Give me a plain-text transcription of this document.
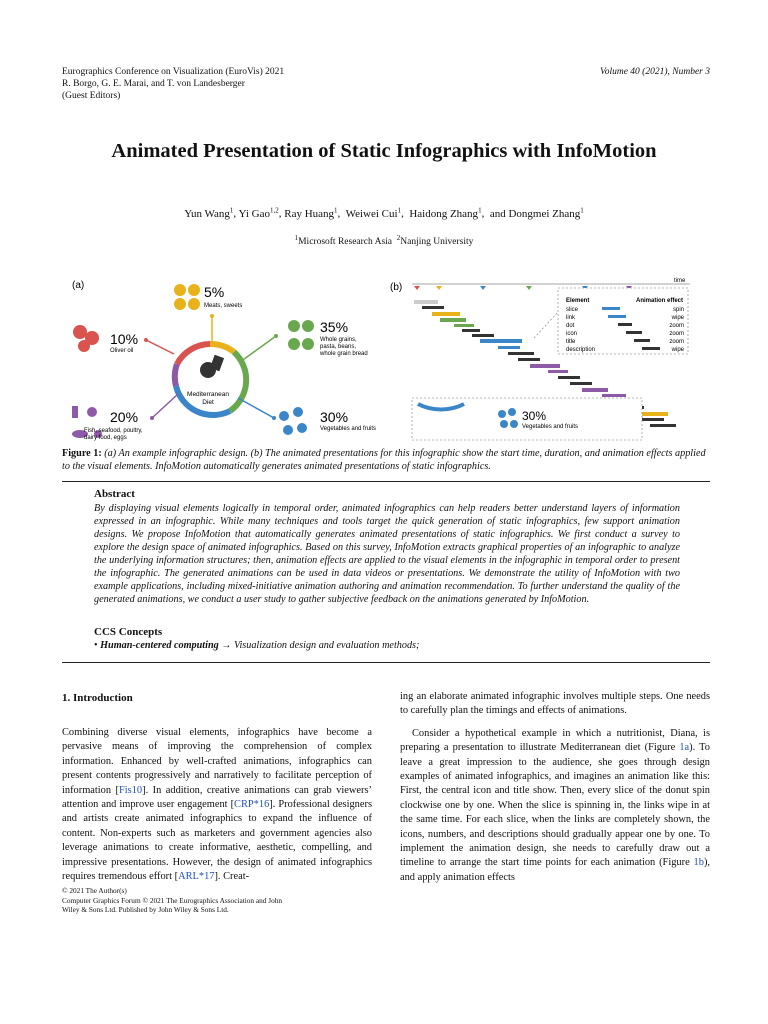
Eurographics Conference on Visualization (EuroVis) 2021
R. Borgo, G. E. Marai, and T. von Landesberger
(Guest Editors)
Volume 40 (2021), Number 3
Animated Presentation of Static Infographics with InfoMotion
Yun Wang$^1$, Yi Gao$^{1,2}$, Ray Huang$^1$,  Weiwei Cui$^1$,  Haidong Zhang$^1$,  and Dongmei Zhang$^1$
$^1$Microsoft Research Asia $^2$Nanjing University
(a)
Mediterranean
Diet
5%
Meats, sweets
10%
Oliver oil
35%
Whole grains,
pasta, beans,
whole grain bread
20%
Fish, seafood, poultry,
dairy food, eggs
30%
Vegetables and fruits
(b)
time
Element	Animation effect
slice	spin
link	wipe
dot	zoom
icon	zoom
title	zoom
description	wipe
30%
Vegetables and fruits
Figure 1: (a) An example infographic design. (b) The animated presentations for this infographic show the start time, duration, and animation effects applied to the visual elements. InfoMotion automatically generates animated presentations of static infographics.
Abstract
By displaying visual elements logically in temporal order, animated infographics can help readers better understand layers of information expressed in an infographic. While many techniques and tools target the quick generation of static infographics, few support animation designs. We propose InfoMotion that automatically generates animated presentations of static infographics. We first conduct a survey to explore the design space of animated infographics. Based on this survey, InfoMotion extracts graphical properties of an infographic to analyze the underlying information structures; then, animation effects are applied to the visual elements in the infographic in temporal order to present the infographic. The generated animations can be used in data videos or presentations. We demonstrate the utility of InfoMotion with two example applications, including mixed-initiative animation authoring and animation recommendation. To further understand the quality of the generated animations, we conduct a user study to gather subjective feedback on the animations generated by InfoMotion.
CCS Concepts
• Human-centered computing → Visualization design and evaluation methods;
1. Introduction

Combining diverse visual elements, infographics have become a pervasive means of improving the comprehension of complex information. Enhanced by well-crafted animations, infographics can present contents progressively and narratively to facilitate perception of information [Fis10]. In addition, creative animations can grab viewers’ attention and improve user engagement [CRP*16]. Professional designers and artists create animated infographics to expand the influence of content. Non-experts such as marketers and government agencies also leverage animations to create informative, aesthetic, compelling, and impressive presentations. However, the design of animated infographics requires tremendous effort [ARL*17]. Creat-

© 2021 The Author(s)
Computer Graphics Forum © 2021 The Eurographics Association and John
Wiley & Sons Ltd. Published by John Wiley & Sons Ltd.

ing an elaborate animated infographic involves multiple steps. One needs to carefully plan the timings and effects of animations.

Consider a hypothetical example in which a nutritionist, Diana, is preparing a presentation to illustrate Mediterranean diet (Figure 1a). To leave a great impression to the audience, she goes through design examples of animated infographics, and imagines an animation like this: First, the central icon and title show. Then, every slice of the donut spin clockwise one by one. When the slice is spinning in, the links wipe in at the same time. For each slice, when the links are completely shown, the icons, numbers, and descriptions should gradually appear one by one. To implement the animation design, she needs to carefully draw out a timeline to arrange the start time points for each animation (Figure 1b), and apply animation effects
